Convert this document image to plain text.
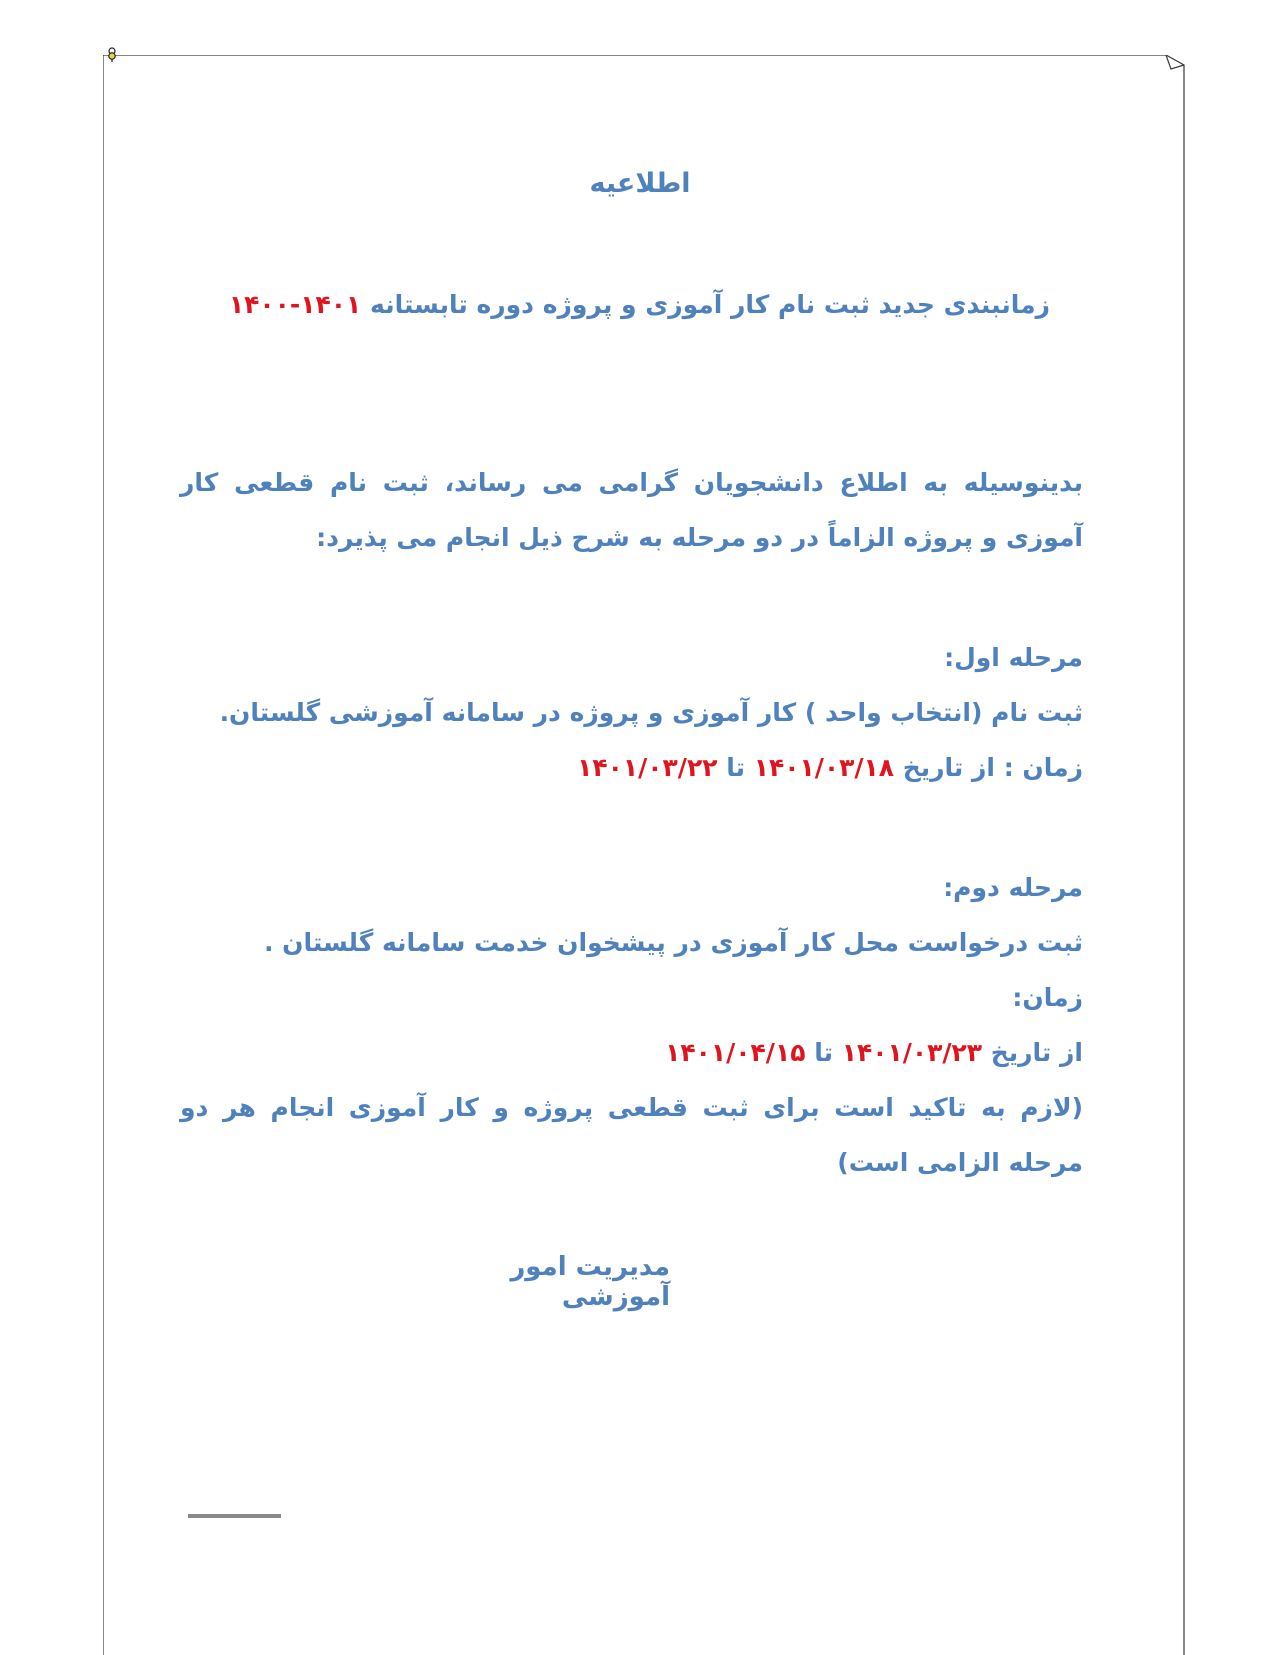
اطلاعیه
زمانبندی جدید ثبت نام کار آموزی و پروژه دوره تابستانه ۱۴۰۱-۱۴۰۰
بدینوسیله به اطلاع دانشجویان گرامی می رساند، ثبت نام قطعی کار آموزی و پروژه الزاماً در دو مرحله به شرح ذیل انجام می پذیرد:
مرحله اول:
ثبت نام (انتخاب واحد ) کار آموزی و پروژه در سامانه آموزشی گلستان.
زمان : از تاریخ ۱۴۰۱/۰۳/۱۸ تا ۱۴۰۱/۰۳/۲۲
مرحله دوم:
ثبت درخواست محل کار آموزی در پیشخوان خدمت سامانه گلستان .
زمان:
از تاریخ ۱۴۰۱/۰۳/۲۳ تا ۱۴۰۱/۰۴/۱۵
(لازم به تاکید است برای ثبت قطعی پروژه و کار آموزی انجام هر دو مرحله الزامی است)
مدیریت امور آموزشی
